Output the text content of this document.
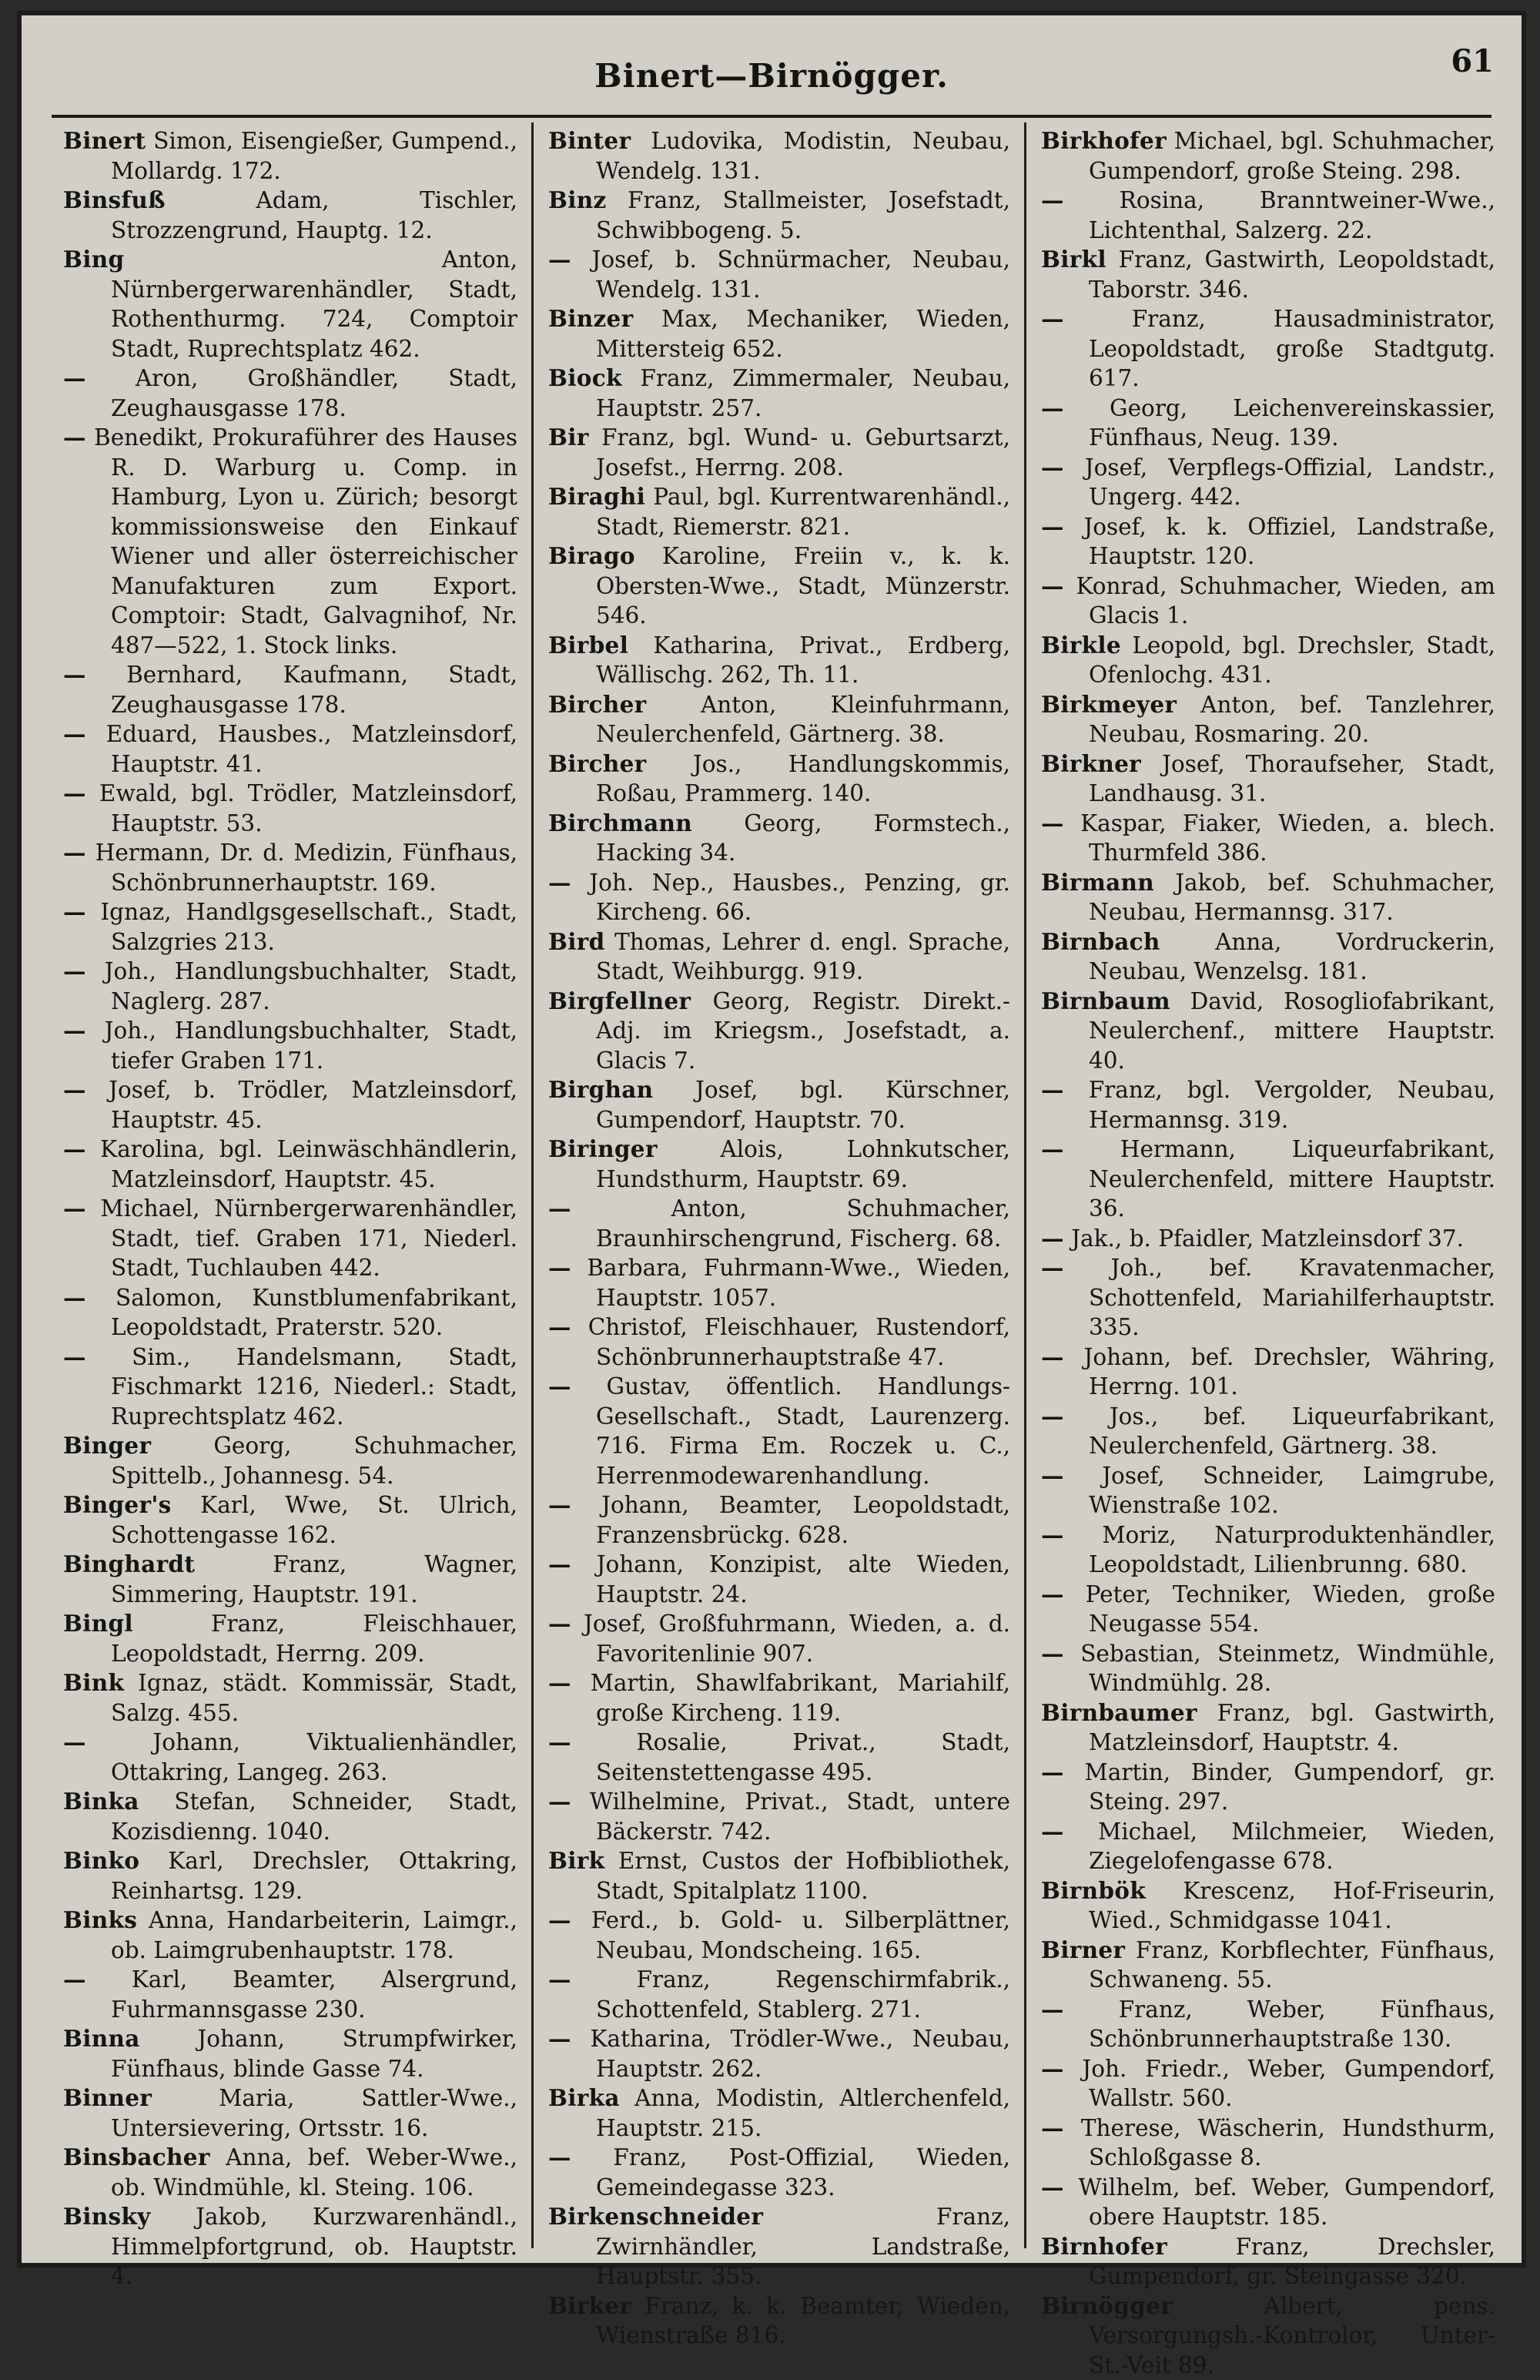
Binert—Birnögger.	61

Binert Simon, Eisengießer, Gumpend., Mollardg. 172.

Binsfuß	Adam, Tischler, Strozzengrund, Hauptg. 12.

Bing	Anton, Nürnbergerwarenhändler, Stadt, Rothenthurmg. 724, Comptoir Stadt, Ruprechtsplatz 462.

— Aron, Großhändler, Stadt, Zeughausgasse 178.

— Benedikt, Prokuraführer des Hauses R. D. Warburg u. Comp. in Hamburg, Lyon u. Zürich; besorgt kommissionsweise den Einkauf Wiener und aller österreichischer Manufakturen zum Export. Comptoir: Stadt, Galvagnihof, Nr. 487—522, 1. Stock links.

— Bernhard, Kaufmann, Stadt, Zeughausgasse 178.

— Eduard, Hausbes., Matzleinsdorf, Hauptstr. 41.

— Ewald, bgl. Trödler, Matzleinsdorf, Hauptstr. 53.

— Hermann, Dr. d. Medizin, Fünfhaus, Schönbrunnerhauptstr. 169.

— Ignaz, Handlgsgesellschaft., Stadt, Salzgries 213.

— Joh., Handlungsbuchhalter, Stadt, Naglerg. 287.

— Joh., Handlungsbuchhalter, Stadt, tiefer Graben 171.

— Josef, b. Trödler, Matzleinsdorf, Hauptstr. 45.

— Karolina, bgl. Leinwäschhändlerin, Matzleinsdorf, Hauptstr. 45.

— Michael, Nürnbergerwarenhändler, Stadt, tief. Graben 171, Niederl. Stadt, Tuchlauben 442.

— Salomon, Kunstblumenfabrikant, Leopoldstadt, Praterstr. 520.

— Sim., Handelsmann, Stadt, Fischmarkt 1216, Niederl.: Stadt, Ruprechtsplatz 462.

Binger	Georg, Schuhmacher, Spittelb., Johannesg. 54.

Binger's Karl, Wwe, St. Ulrich, Schottengasse 162.

Binghardt	Franz, Wagner, Simmering, Hauptstr. 191.

Bingl	Franz, Fleischhauer, Leopoldstadt, Herrng. 209.

Bink Ignaz, städt. Kommissär, Stadt, Salzg. 455.

—	Johann, Viktualienhändler, Ottakring, Langeg. 263.

Binka Stefan, Schneider, Stadt, Kozisdienng. 1040.

Binko Karl, Drechsler, Ottakring, Reinhartsg. 129.

Binks Anna, Handarbeiterin, Laimgr., ob. Laimgrubenhauptstr. 178.

— Karl, Beamter, Alsergrund, Fuhrmannsgasse 230.

Binna	Johann, Strumpfwirker, Fünfhaus, blinde Gasse 74.

Binner	Maria, Sattler-Wwe., Untersievering, Ortsstr. 16.

Binsbacher Anna, bef. Weber-Wwe., ob. Windmühle, kl. Steing. 106.

Binsky Jakob, Kurzwarenhändl., Himmelpfortgrund, ob. Hauptstr. 4.

Binter Ludovika, Modistin, Neubau, Wendelg. 131.

Binz Franz, Stallmeister, Josefstadt, Schwibbogeng. 5.

— Josef, b. Schnürmacher, Neubau, Wendelg. 131.

Binzer Max, Mechaniker, Wieden, Mittersteig 652.

Biock Franz, Zimmermaler, Neubau, Hauptstr. 257.

Bir Franz, bgl. Wund- u. Geburtsarzt, Josefst., Herrng. 208.

Biraghi Paul, bgl. Kurrentwarenhändl., Stadt, Riemerstr. 821.

Birago Karoline, Freiin v., k. k. Obersten-Wwe., Stadt, Münzerstr. 546.

Birbel Katharina, Privat., Erdberg, Wällischg. 262, Th. 11.

Bircher Anton, Kleinfuhrmann, Neulerchenfeld, Gärtnerg. 38.

Bircher Jos., Handlungskommis, Roßau, Prammerg. 140.

Birchmann Georg, Formstech., Hacking 34.

— Joh. Nep., Hausbes., Penzing, gr. Kircheng. 66.

Bird Thomas, Lehrer d. engl. Sprache, Stadt, Weihburgg. 919.

Birgfellner Georg, Registr. Direkt.-Adj. im Kriegsm., Josefstadt, a. Glacis 7.

Birghan Josef, bgl. Kürschner, Gumpendorf, Hauptstr. 70.

Biringer	Alois, Lohnkutscher, Hundsthurm, Hauptstr. 69.

—	Anton, Schuhmacher, Braunhirschengrund, Fischerg. 68.

— Barbara, Fuhrmann-Wwe., Wieden, Hauptstr. 1057.

— Christof, Fleischhauer, Rustendorf, Schönbrunnerhauptstraße 47.

— Gustav, öffentlich. Handlungs-Gesellschaft., Stadt, Laurenzerg. 716. Firma Em. Roczek u. C., Herrenmodewarenhandlung.

— Johann, Beamter, Leopoldstadt, Franzensbrückg. 628.

— Johann, Konzipist, alte Wieden, Hauptstr. 24.

— Josef, Großfuhrmann, Wieden, a. d. Favoritenlinie 907.

— Martin, Shawlfabrikant, Mariahilf, große Kircheng. 119.

—	Rosalie, Privat., Stadt, Seitenstettengasse 495.

— Wilhelmine, Privat., Stadt, untere Bäckerstr. 742.

Birk Ernst, Custos der Hofbibliothek, Stadt, Spitalplatz 1100.

— Ferd., b. Gold- u. Silberplättner, Neubau, Mondscheing. 165.

—	Franz, Regenschirmfabrik., Schottenfeld, Stablerg. 271.

— Katharina, Trödler-Wwe., Neubau, Hauptstr. 262.

Birka Anna, Modistin, Altlerchenfeld, Hauptstr. 215.

— Franz, Post-Offizial, Wieden, Gemeindegasse 323.

Birkenschneider	Franz, Zwirnhändler, Landstraße, Hauptstr. 355.

Birker Franz, k. k. Beamter, Wieden, Wienstraße 816.

Birkhofer Michael, bgl. Schuhmacher, Gumpendorf, große Steing. 298.

— Rosina, Branntweiner-Wwe., Lichtenthal, Salzerg. 22.

Birkl Franz, Gastwirth, Leopoldstadt, Taborstr. 346.

—	Franz, Hausadministrator, Leopoldstadt, große Stadtgutg. 617.

— Georg, Leichenvereinskassier, Fünfhaus, Neug. 139.

— Josef, Verpflegs-Offizial, Landstr., Ungerg. 442.

— Josef, k. k. Offiziel, Landstraße, Hauptstr. 120.

— Konrad, Schuhmacher, Wieden, am Glacis 1.

Birkle Leopold, bgl. Drechsler, Stadt, Ofenlochg. 431.

Birkmeyer Anton, bef. Tanzlehrer, Neubau, Rosmaring. 20.

Birkner Josef, Thoraufseher, Stadt, Landhausg. 31.

— Kaspar, Fiaker, Wieden, a. blech. Thurmfeld 386.

Birmann Jakob, bef. Schuhmacher, Neubau, Hermannsg. 317.

Birnbach Anna, Vordruckerin, Neubau, Wenzelsg. 181.

Birnbaum David, Rosogliofabrikant, Neulerchenf., mittere Hauptstr. 40.

— Franz, bgl. Vergolder, Neubau, Hermannsg. 319.

— Hermann, Liqueurfabrikant, Neulerchenfeld, mittere Hauptstr. 36.

— Jak., b. Pfaidler, Matzleinsdorf 37.

— Joh., bef. Kravatenmacher, Schottenfeld, Mariahilferhauptstr. 335.

— Johann, bef. Drechsler, Währing, Herrng. 101.

— Jos., bef. Liqueurfabrikant, Neulerchenfeld, Gärtnerg. 38.

— Josef, Schneider, Laimgrube, Wienstraße 102.

— Moriz, Naturproduktenhändler, Leopoldstadt, Lilienbrunng. 680.

— Peter, Techniker, Wieden, große Neugasse 554.

— Sebastian, Steinmetz, Windmühle, Windmühlg. 28.

Birnbaumer Franz, bgl. Gastwirth, Matzleinsdorf, Hauptstr. 4.

— Martin, Binder, Gumpendorf, gr. Steing. 297.

— Michael, Milchmeier, Wieden, Ziegelofengasse 678.

Birnbök Krescenz, Hof-Friseurin, Wied., Schmidgasse 1041.

Birner Franz, Korbflechter, Fünfhaus, Schwaneng. 55.

— Franz, Weber, Fünfhaus, Schönbrunnerhauptstraße 130.

— Joh. Friedr., Weber, Gumpendorf, Wallstr. 560.

— Therese, Wäscherin, Hundsthurm, Schloßgasse 8.

— Wilhelm, bef. Weber, Gumpendorf, obere Hauptstr. 185.

Birnhofer	Franz, Drechsler, Gumpendorf, gr. Steingasse 320.

Birnögger	Albert, pens. Versorgungsh.-Kontrolor, Unter-St.-Veit 89.
